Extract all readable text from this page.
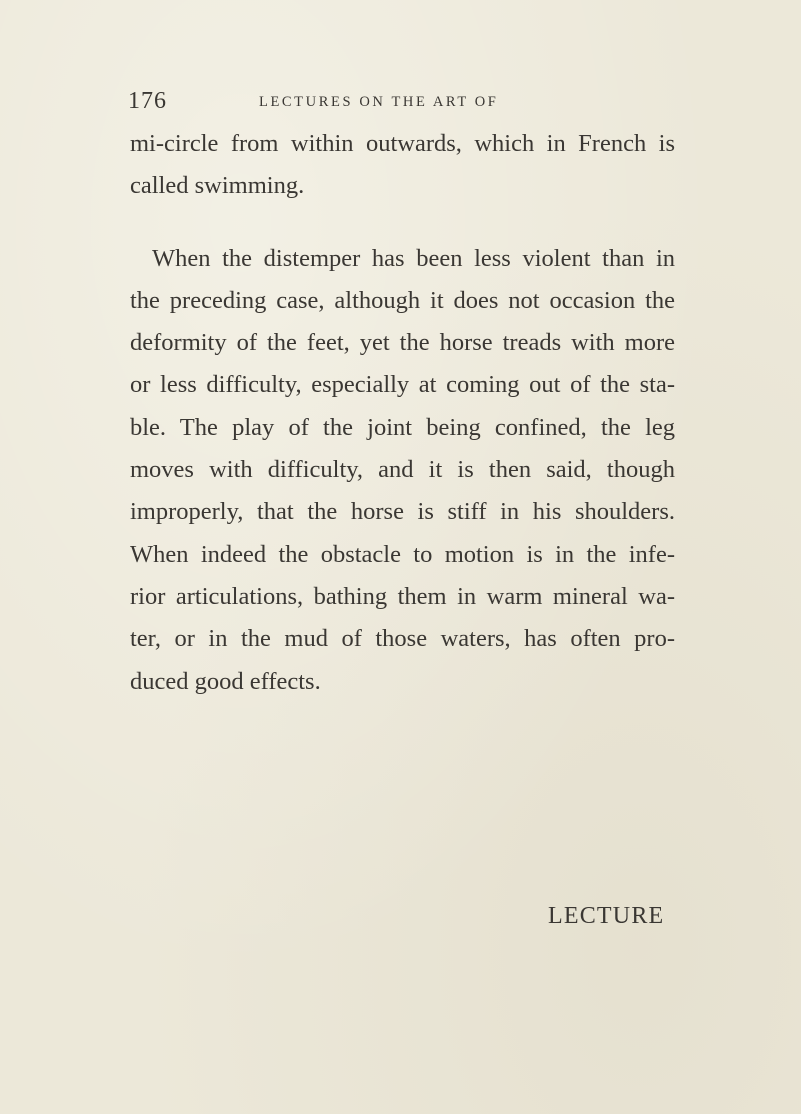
176	LECTURES ON THE ART OF
mi-circle from within outwards, which in French is
called swimming.
When the distemper has been less violent than in
the preceding case, although it does not occasion the
deformity of the feet, yet the horse treads with more
or less difficulty, especially at coming out of the sta-
ble. The play of the joint being confined, the leg
moves with difficulty, and it is then said, though
improperly, that the horse is stiff in his shoulders.
When indeed the obstacle to motion is in the infe-
rior articulations, bathing them in warm mineral wa-
ter, or in the mud of those waters, has often pro-
duced good effects.
LECTURE
